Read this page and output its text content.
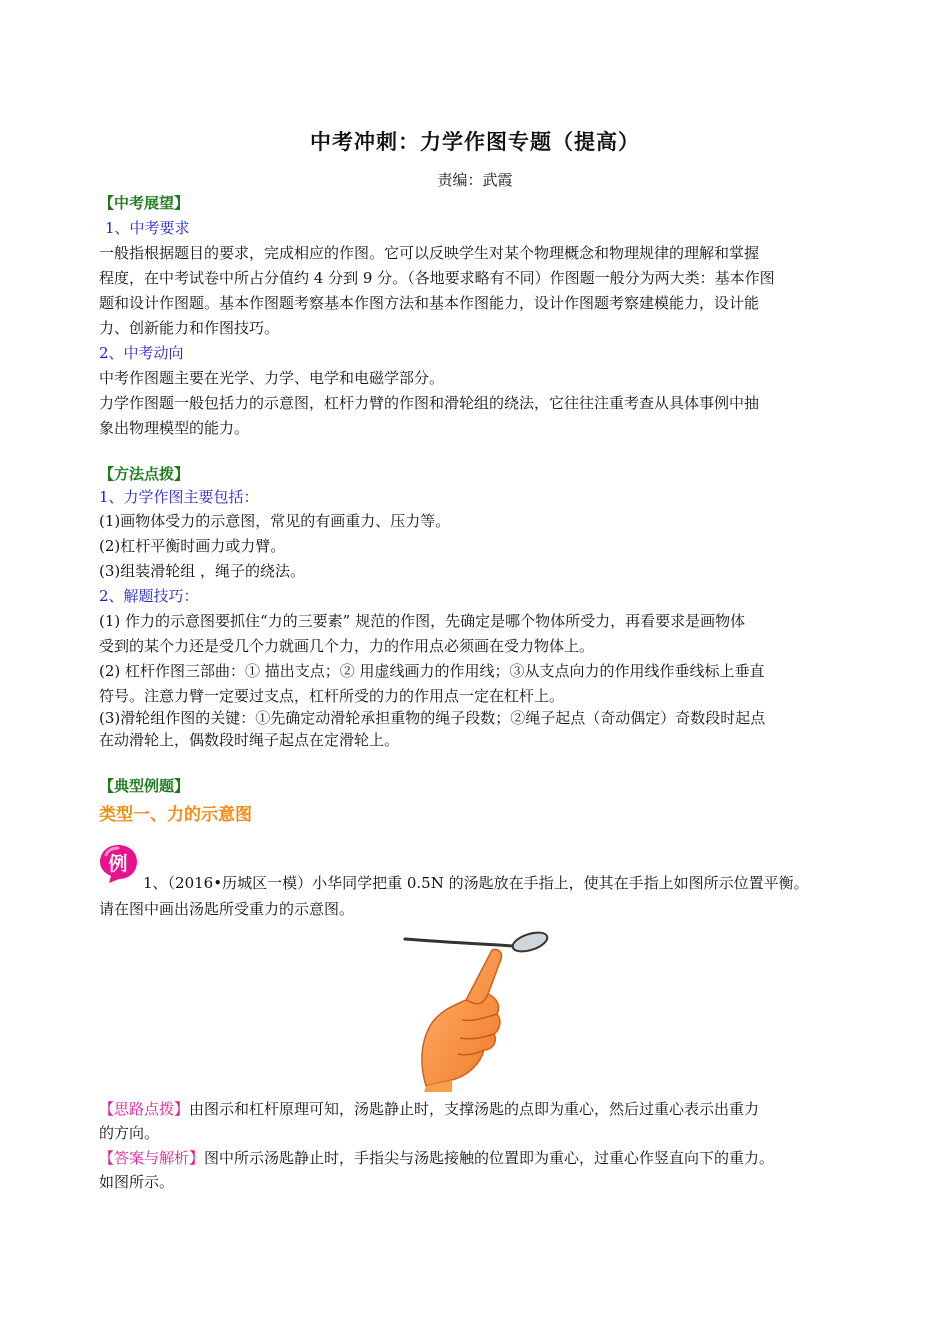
中考冲刺：力学作图专题（提高）
责编：武霞
【中考展望】
1、中考要求
一般指根据题目的要求，完成相应的作图。它可以反映学生对某个物理概念和物理规律的理解和掌握
程度，在中考试卷中所占分值约 4 分到 9 分。（各地要求略有不同）作图题一般分为两大类：基本作图
题和设计作图题。基本作图题考察基本作图方法和基本作图能力，设计作图题考察建模能力，设计能
力、创新能力和作图技巧。
2、中考动向
中考作图题主要在光学、力学、电学和电磁学部分。
力学作图题一般包括力的示意图，杠杆力臂的作图和滑轮组的绕法，它往往注重考查从具体事例中抽
象出物理模型的能力。
【方法点拨】
1、力学作图主要包括：
(1)画物体受力的示意图，常见的有画重力、压力等。
(2)杠杆平衡时画力或力臂。
(3)组装滑轮组 ，绳子的绕法。
2、解题技巧：
(1) 作力的示意图要抓住“力的三要素” 规范的作图，先确定是哪个物体所受力，再看要求是画物体
受到的某个力还是受几个力就画几个力，力的作用点必须画在受力物体上。
(2) 杠杆作图三部曲：① 描出支点；② 用虚线画力的作用线；③从支点向力的作用线作垂线标上垂直
符号。注意力臂一定要过支点，杠杆所受的力的作用点一定在杠杆上。
(3)滑轮组作图的关键：①先确定动滑轮承担重物的绳子段数；②绳子起点（奇动偶定）奇数段时起点
在动滑轮上，偶数段时绳子起点在定滑轮上。
【典型例题】
类型一、力的示意图
例
1、（2016•历城区一模）小华同学把重 0.5N 的汤匙放在手指上，使其在手指上如图所示位置平衡。
请在图中画出汤匙所受重力的示意图。
【思路点拨】由图示和杠杆原理可知，汤匙静止时，支撑汤匙的点即为重心，然后过重心表示出重力
的方向。
【答案与解析】图中所示汤匙静止时，手指尖与汤匙接触的位置即为重心，过重心作竖直向下的重力。
如图所示。
